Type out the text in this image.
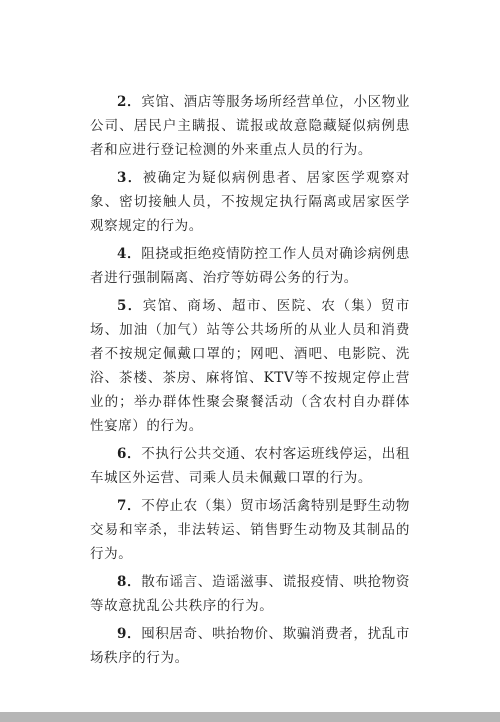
2．宾馆、酒店等服务场所经营单位，小区物业公司、居民户主瞒报、谎报或故意隐藏疑似病例患者和应进行登记检测的外来重点人员的行为。

3．被确定为疑似病例患者、居家医学观察对象、密切接触人员，不按规定执行隔离或居家医学观察规定的行为。

4．阻挠或拒绝疫情防控工作人员对确诊病例患者进行强制隔离、治疗等妨碍公务的行为。

5．宾馆、商场、超市、医院、农（集）贸市场、加油（加气）站等公共场所的从业人员和消费者不按规定佩戴口罩的；网吧、酒吧、电影院、洗浴、茶楼、茶房、麻将馆、KTV等不按规定停止营业的；举办群体性聚会聚餐活动（含农村自办群体性宴席）的行为。

6．不执行公共交通、农村客运班线停运，出租车城区外运营、司乘人员未佩戴口罩的行为。

7．不停止农（集）贸市场活禽特别是野生动物交易和宰杀，非法转运、销售野生动物及其制品的行为。

8．散布谣言、造谣滋事、谎报疫情、哄抢物资等故意扰乱公共秩序的行为。

9．囤积居奇、哄抬物价、欺骗消费者，扰乱市场秩序的行为。
